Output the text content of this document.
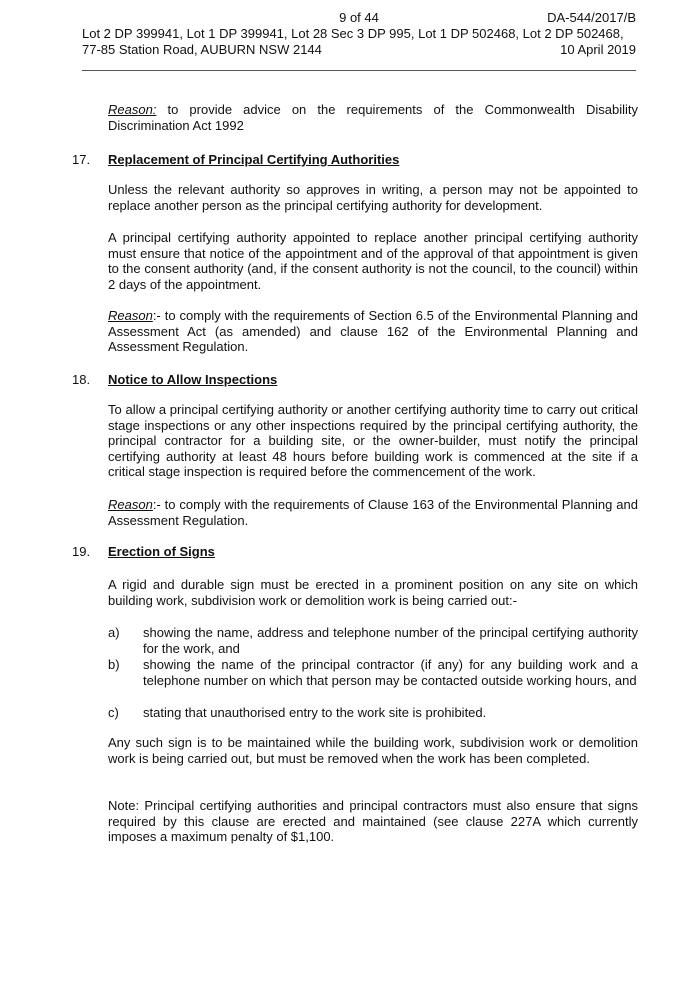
9 of 44	DA-544/2017/B
Lot 2 DP 399941, Lot 1 DP 399941, Lot 28 Sec 3 DP 995, Lot 1 DP 502468, Lot 2 DP 502468,
77-85 Station Road, AUBURN NSW 2144	10 April 2019

Reason: to provide advice on the requirements of the Commonwealth Disability Discrimination Act 1992

17.	Replacement of Principal Certifying Authorities

Unless the relevant authority so approves in writing, a person may not be appointed to replace another person as the principal certifying authority for development.

A principal certifying authority appointed to replace another principal certifying authority must ensure that notice of the appointment and of the approval of that appointment is given to the consent authority (and, if the consent authority is not the council, to the council) within 2 days of the appointment.

Reason:- to comply with the requirements of Section 6.5 of the Environmental Planning and Assessment Act (as amended) and clause 162 of the Environmental Planning and Assessment Regulation.

18.	Notice to Allow Inspections

To allow a principal certifying authority or another certifying authority time to carry out critical stage inspections or any other inspections required by the principal certifying authority, the principal contractor for a building site, or the owner-builder, must notify the principal certifying authority at least 48 hours before building work is commenced at the site if a critical stage inspection is required before the commencement of the work.

Reason:- to comply with the requirements of Clause 163 of the Environmental Planning and Assessment Regulation.

19.	Erection of Signs

A rigid and durable sign must be erected in a prominent position on any site on which building work, subdivision work or demolition work is being carried out:-

a)	showing the name, address and telephone number of the principal certifying authority for the work, and
b)	showing the name of the principal contractor (if any) for any building work and a telephone number on which that person may be contacted outside working hours, and
c)	stating that unauthorised entry to the work site is prohibited.

Any such sign is to be maintained while the building work, subdivision work or demolition work is being carried out, but must be removed when the work has been completed.

Note: Principal certifying authorities and principal contractors must also ensure that signs required by this clause are erected and maintained (see clause 227A which currently imposes a maximum penalty of $1,100.
